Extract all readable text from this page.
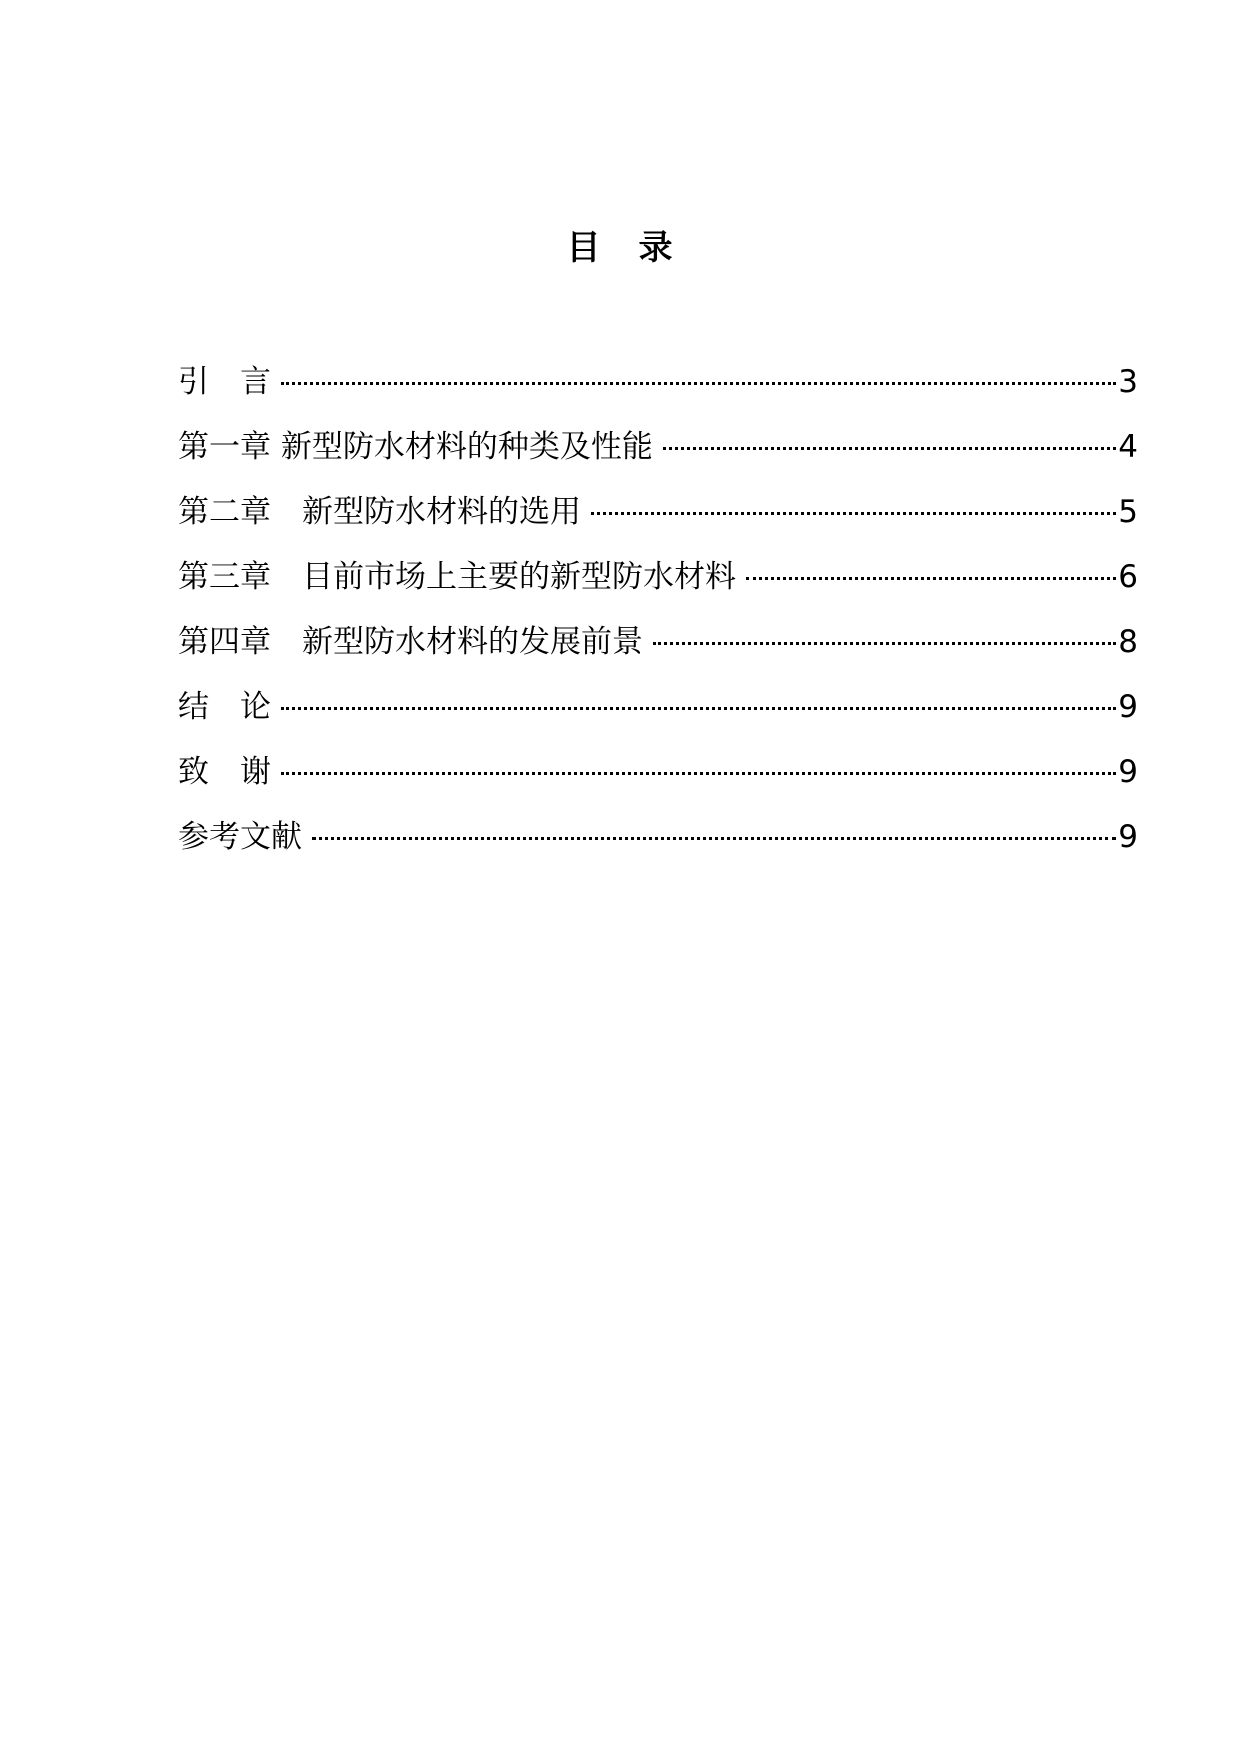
目　录
引　言	3
第一章 新型防水材料的种类及性能	4
第二章　新型防水材料的选用	5
第三章　目前市场上主要的新型防水材料	6
第四章　新型防水材料的发展前景	8
结　论	9
致　谢	9
参考文献	9
